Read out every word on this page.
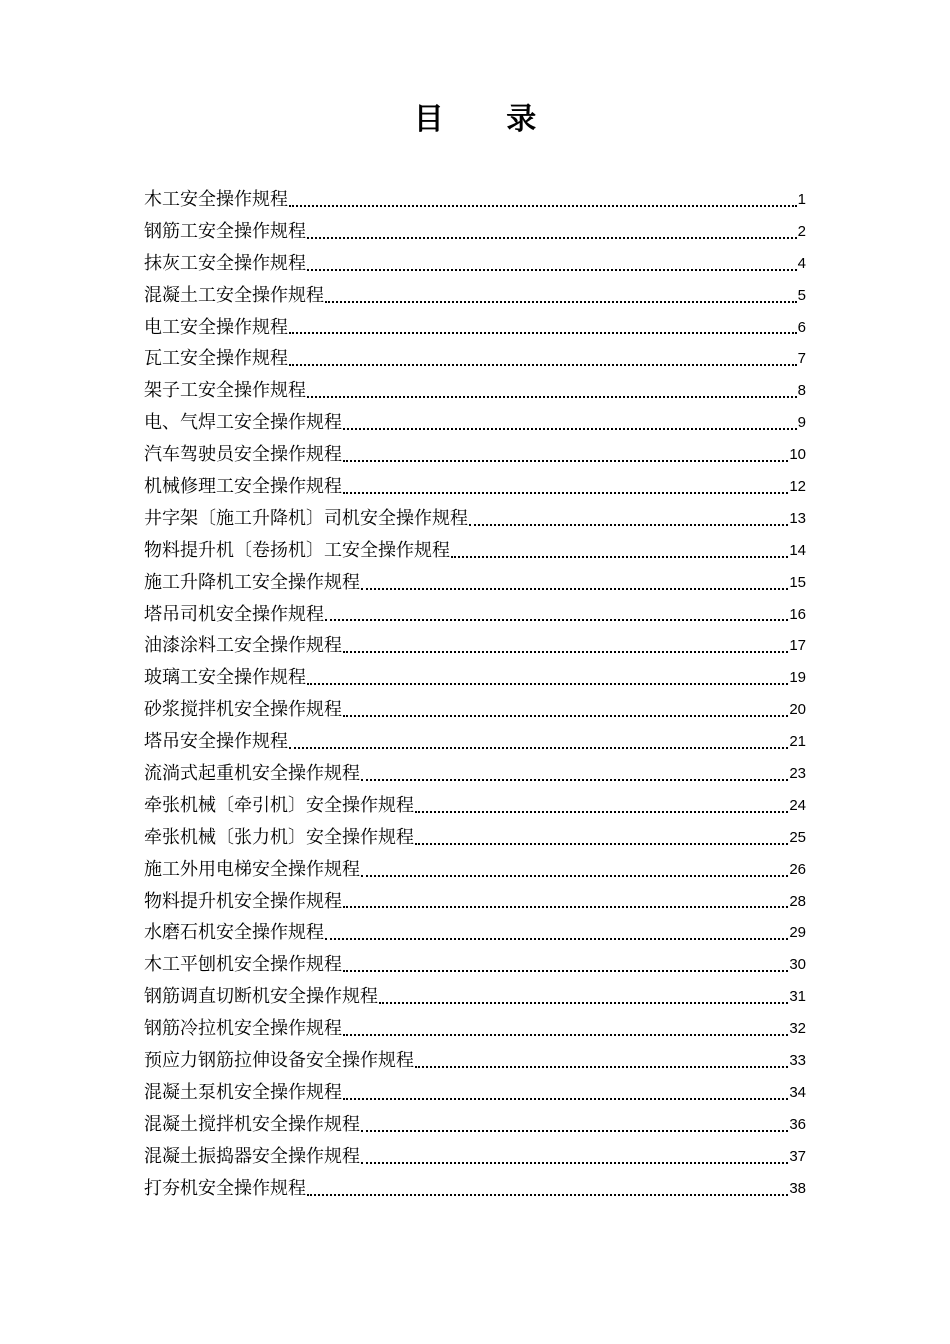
目 录
木工安全操作规程	1
钢筋工安全操作规程	2
抹灰工安全操作规程	4
混凝土工安全操作规程	5
电工安全操作规程	6
瓦工安全操作规程	7
架子工安全操作规程	8
电、气焊工安全操作规程	9
汽车驾驶员安全操作规程	10
机械修理工安全操作规程	12
井字架〔施工升降机〕司机安全操作规程	13
物料提升机〔卷扬机〕工安全操作规程	14
施工升降机工安全操作规程	15
塔吊司机安全操作规程	16
油漆涂料工安全操作规程	17
玻璃工安全操作规程	19
砂浆搅拌机安全操作规程	20
塔吊安全操作规程	21
流淌式起重机安全操作规程	23
牵张机械〔牵引机〕安全操作规程	24
牵张机械〔张力机〕安全操作规程	25
施工外用电梯安全操作规程	26
物料提升机安全操作规程	28
水磨石机安全操作规程	29
木工平刨机安全操作规程	30
钢筋调直切断机安全操作规程	31
钢筋冷拉机安全操作规程	32
预应力钢筋拉伸设备安全操作规程	33
混凝土泵机安全操作规程	34
混凝土搅拌机安全操作规程	36
混凝土振捣器安全操作规程	37
打夯机安全操作规程	38
